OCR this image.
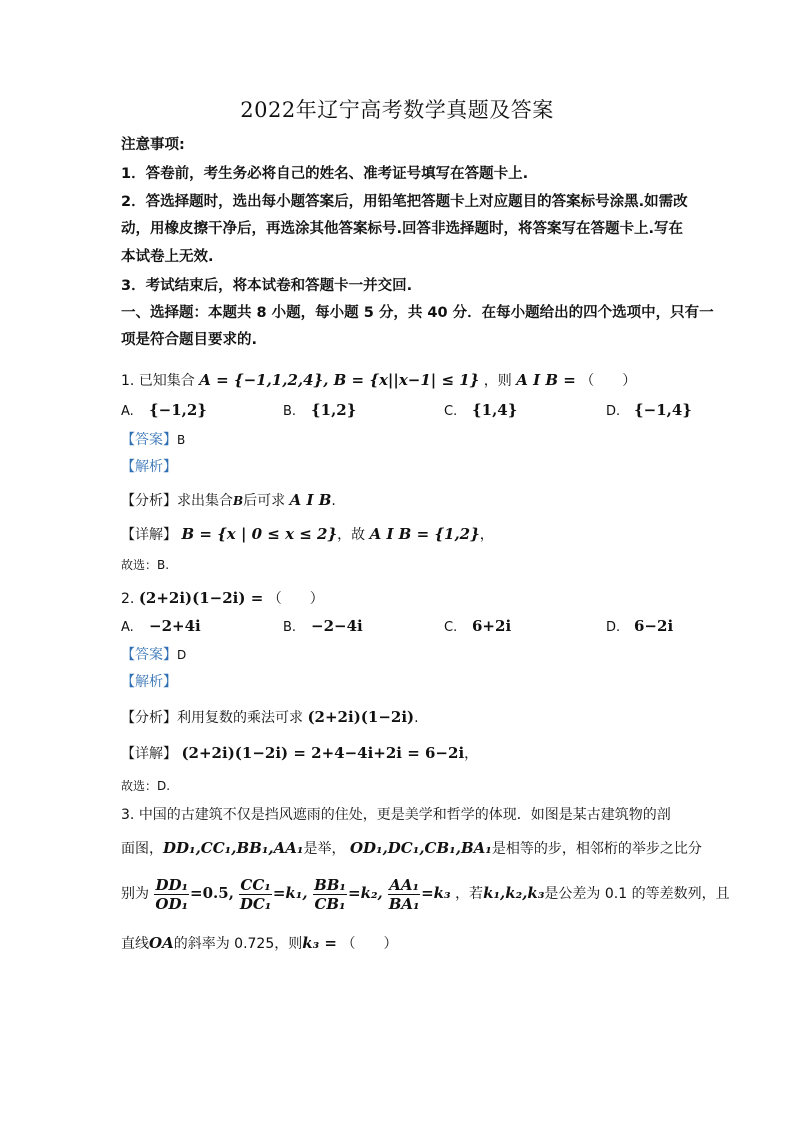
2022年辽宁高考数学真题及答案
注意事项:
1．答卷前，考生务必将自己的姓名、准考证号填写在答题卡上.
2．答选择题时，选出每小题答案后，用铅笔把答题卡上对应题目的答案标号涂黑.如需改
动，用橡皮擦干净后，再选涂其他答案标号.回答非选择题时，将答案写在答题卡上.写在
本试卷上无效.
3．考试结束后，将本试卷和答题卡一并交回.
一、选择题：本题共 8 小题，每小题 5 分，共 40 分．在每小题给出的四个选项中，只有一
项是符合题目要求的.
1. 已知集合 A = {−1,1,2,4}, B = {x||x−1| ≤ 1} ，则 A I B = （　　）
A. {−1,2}	B. {1,2}	C. {1,4}	D. {−1,4}
【答案】B
【解析】
【分析】求出集合B后可求 A I B.
【详解】 B = {x | 0 ≤ x ≤ 2}，故 A I B = {1,2}，
故选：B.
2. (2+2i)(1−2i) = （　　）
A. −2+4i	B. −2−4i	C. 6+2i	D. 6−2i
【答案】D
【解析】
【分析】利用复数的乘法可求 (2+2i)(1−2i).
【详解】 (2+2i)(1−2i) = 2+4−4i+2i = 6−2i，
故选：D.
3. 中国的古建筑不仅是挡风遮雨的住处，更是美学和哲学的体现．如图是某古建筑物的剖
面图，DD₁,CC₁,BB₁,AA₁是举， OD₁,DC₁,CB₁,BA₁是相等的步，相邻桁的举步之比分
别为 $\frac{\text{DD₁}}{\text{OD₁}} =0.5$, $\frac{\text{CC₁}}{\text{DC₁}} =k_1$, $\frac{\text{BB₁}}{\text{CB₁}} =k_2$, $\frac{\text{AA₁}}{\text{BA₁}} =k_3$ ，若k₁,k₂,k₃是公差为 0.1 的等差数列，且
直线OA的斜率为 0.725，则k₃ = （　　）
